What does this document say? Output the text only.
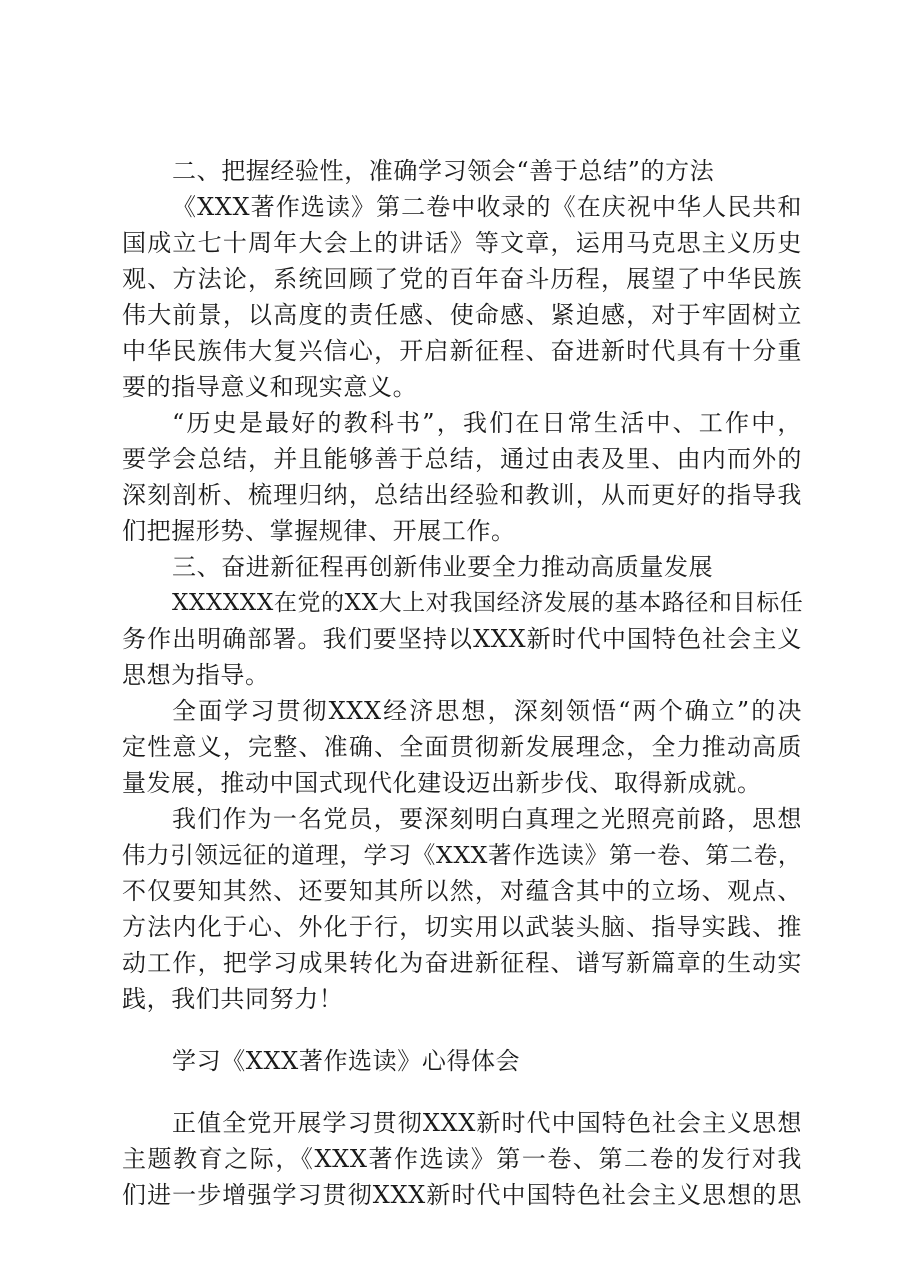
二、把握经验性，准确学习领会“善于总结”的方法
《XXX著作选读》第二卷中收录的《在庆祝中华人民共和
国成立七十周年大会上的讲话》等文章，运用马克思主义历史
观、方法论，系统回顾了党的百年奋斗历程，展望了中华民族
伟大前景，以高度的责任感、使命感、紧迫感，对于牢固树立
中华民族伟大复兴信心，开启新征程、奋进新时代具有十分重
要的指导意义和现实意义。
“历史是最好的教科书”，我们在日常生活中、工作中，
要学会总结，并且能够善于总结，通过由表及里、由内而外的
深刻剖析、梳理归纳，总结出经验和教训，从而更好的指导我
们把握形势、掌握规律、开展工作。
三、奋进新征程再创新伟业要全力推动高质量发展
XXXXXX在党的XX大上对我国经济发展的基本路径和目标任
务作出明确部署。我们要坚持以XXX新时代中国特色社会主义
思想为指导。
全面学习贯彻XXX经济思想，深刻领悟“两个确立”的决
定性意义，完整、准确、全面贯彻新发展理念，全力推动高质
量发展，推动中国式现代化建设迈出新步伐、取得新成就。
我们作为一名党员，要深刻明白真理之光照亮前路，思想
伟力引领远征的道理，学习《XXX著作选读》第一卷、第二卷，
不仅要知其然、还要知其所以然，对蕴含其中的立场、观点、
方法内化于心、外化于行，切实用以武装头脑、指导实践、推
动工作，把学习成果转化为奋进新征程、谱写新篇章的生动实
践，我们共同努力！
学习《XXX著作选读》心得体会
正值全党开展学习贯彻XXX新时代中国特色社会主义思想
主题教育之际，《XXX著作选读》第一卷、第二卷的发行对我
们进一步增强学习贯彻XXX新时代中国特色社会主义思想的思
